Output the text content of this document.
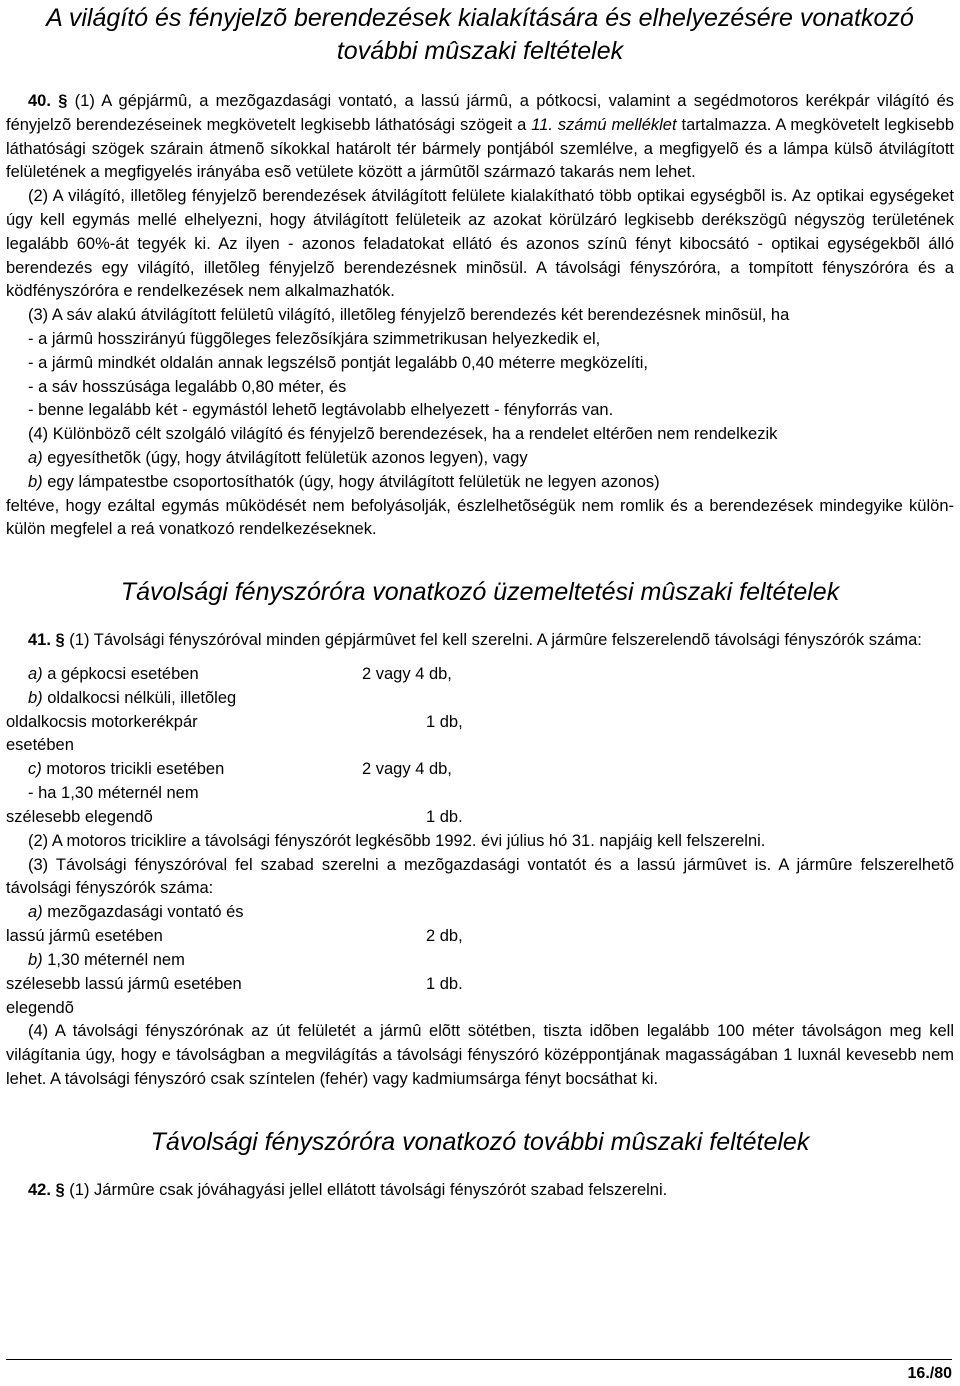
A világító és fényjelzõ berendezések kialakítására és elhelyezésére vonatkozó további mûszaki feltételek

40. § (1) A gépjármû, a mezõgazdasági vontató, a lassú jármû, a pótkocsi, valamint a segédmotoros kerékpár világító és fényjelzõ berendezéseinek megkövetelt legkisebb láthatósági szögeit a 11. számú melléklet tartalmazza. A megkövetelt legkisebb láthatósági szögek szárain átmenõ síkokkal határolt tér bármely pontjából szemlélve, a megfigyelõ és a lámpa külsõ átvilágított felületének a megfigyelés irányába esõ vetülete között a jármûtõl származó takarás nem lehet.

(2) A világító, illetõleg fényjelzõ berendezések átvilágított felülete kialakítható több optikai egységbõl is. Az optikai egységeket úgy kell egymás mellé elhelyezni, hogy átvilágított felületeik az azokat körülzáró legkisebb derékszögû négyszög területének legalább 60%-át tegyék ki. Az ilyen - azonos feladatokat ellátó és azonos színû fényt kibocsátó - optikai egységekbõl álló berendezés egy világító, illetõleg fényjelzõ berendezésnek minõsül. A távolsági fényszóróra, a tompított fényszóróra és a ködfényszóróra e rendelkezések nem alkalmazhatók.

(3) A sáv alakú átvilágított felületû világító, illetõleg fényjelzõ berendezés két berendezésnek minõsül, ha

- a jármû hosszirányú függõleges felezõsíkjára szimmetrikusan helyezkedik el,

- a jármû mindkét oldalán annak legszélsõ pontját legalább 0,40 méterre megközelíti,

- a sáv hosszúsága legalább 0,80 méter, és

- benne legalább két - egymástól lehetõ legtávolabb elhelyezett - fényforrás van.

(4) Különbözõ célt szolgáló világító és fényjelzõ berendezések, ha a rendelet eltérõen nem rendelkezik

a) egyesíthetõk (úgy, hogy átvilágított felületük azonos legyen), vagy

b) egy lámpatestbe csoportosíthatók (úgy, hogy átvilágított felületük ne legyen azonos)

feltéve, hogy ezáltal egymás mûködését nem befolyásolják, észlelhetõségük nem romlik és a berendezések mindegyike külön-külön megfelel a reá vonatkozó rendelkezéseknek.

Távolsági fényszóróra vonatkozó üzemeltetési mûszaki feltételek

41. § (1) Távolsági fényszóróval minden gépjármûvet fel kell szerelni. A jármûre felszerelendõ távolsági fényszórók száma:

a) a gépkocsi esetében	2 vagy 4 db,
b) oldalkocsi nélküli, illetõleg
oldalkocsis motorkerékpár
esetében
1 db,
c) motoros tricikli esetében
- ha 1,30 méternél nem
szélesebb elegendõ
2 vagy 4 db,
1 db.

(2) A motoros triciklire a távolsági fényszórót legkésõbb 1992. évi július hó 31. napjáig kell felszerelni.

(3) Távolsági fényszóróval fel szabad szerelni a mezõgazdasági vontatót és a lassú jármûvet is. A jármûre felszerelhetõ távolsági fényszórók száma:

a) mezõgazdasági vontató és
lassú jármû esetében	2 db,
b) 1,30 méternél nem
szélesebb lassú jármû esetében
elegendõ
1 db.

(4) A távolsági fényszórónak az út felületét a jármû elõtt sötétben, tiszta idõben legalább 100 méter távolságon meg kell világítania úgy, hogy e távolságban a megvilágítás a távolsági fényszóró középpontjának magasságában 1 luxnál kevesebb nem lehet. A távolsági fényszóró csak színtelen (fehér) vagy kadmiumsárga fényt bocsáthat ki.

Távolsági fényszóróra vonatkozó további mûszaki feltételek

42. § (1) Jármûre csak jóváhagyási jellel ellátott távolsági fényszórót szabad felszerelni.

16./80
